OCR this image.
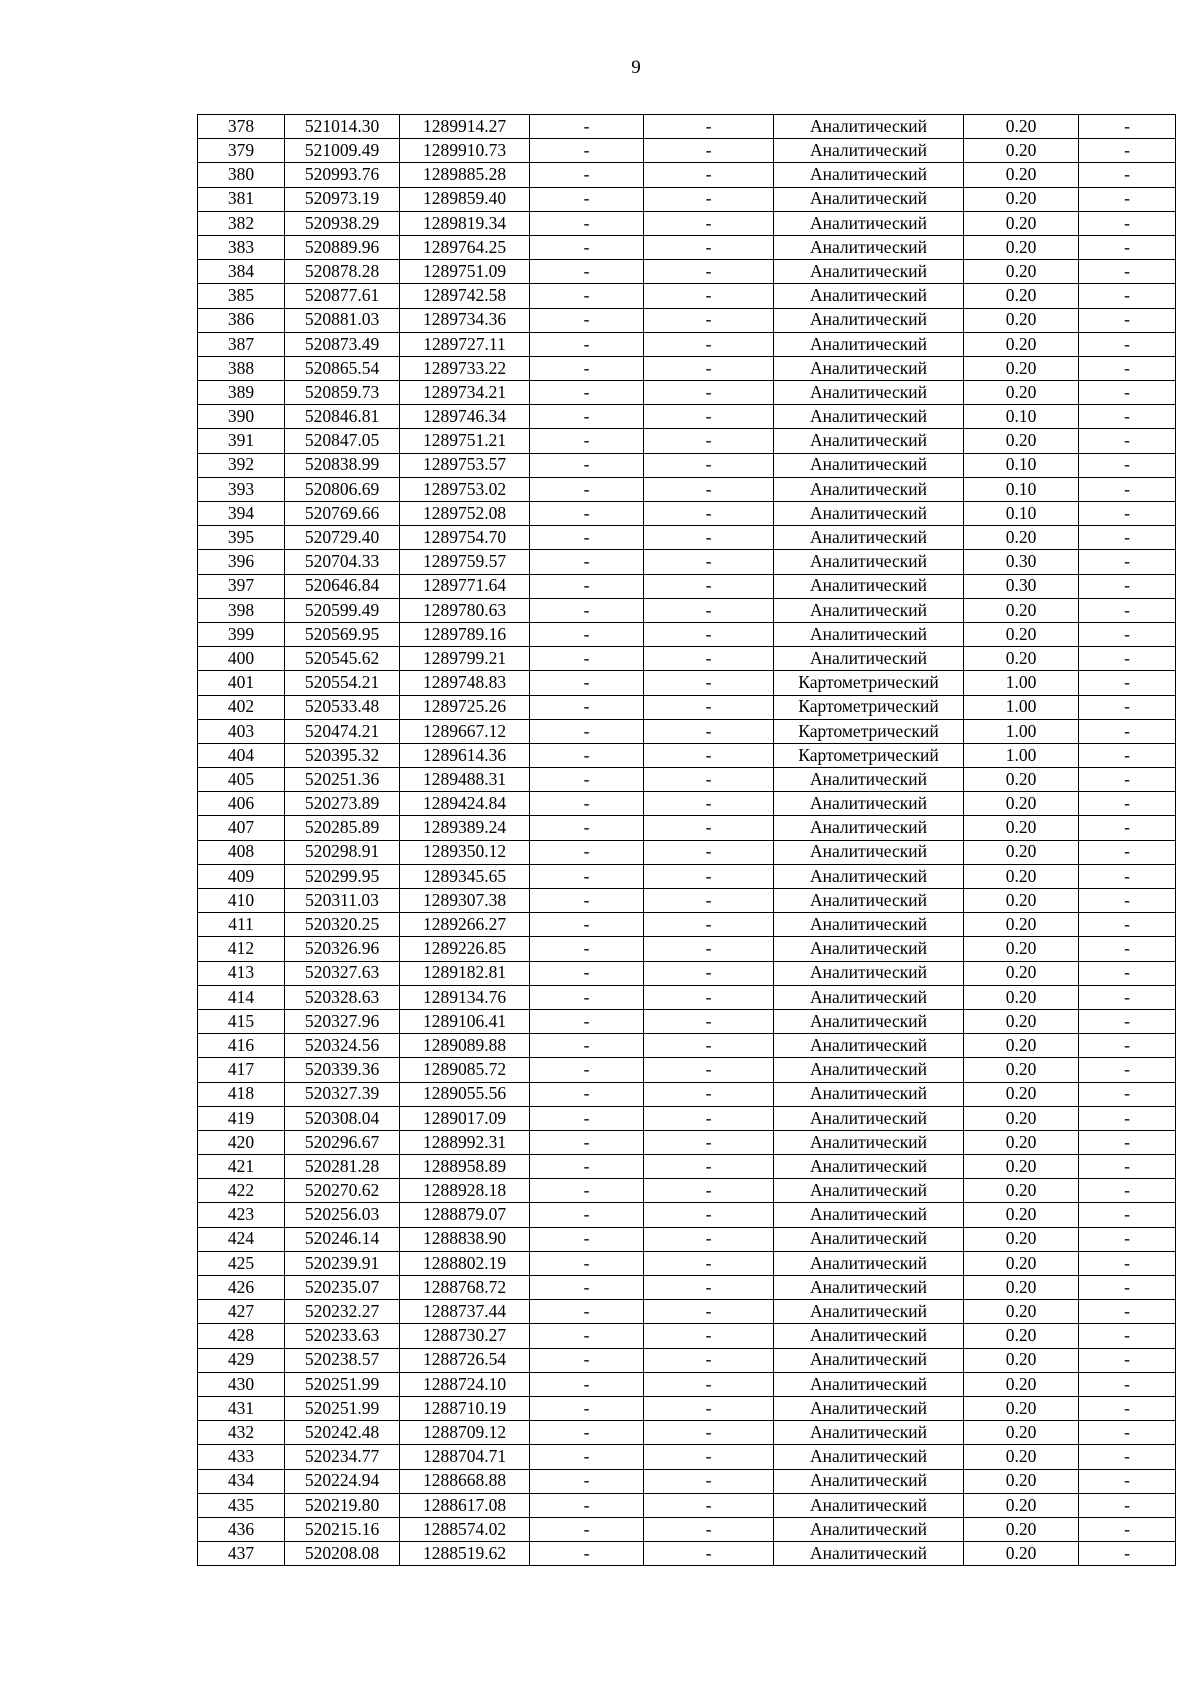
9
378	521014.30	1289914.27	-	-	Аналитический	0.20	-
379	521009.49	1289910.73	-	-	Аналитический	0.20	-
380	520993.76	1289885.28	-	-	Аналитический	0.20	-
381	520973.19	1289859.40	-	-	Аналитический	0.20	-
382	520938.29	1289819.34	-	-	Аналитический	0.20	-
383	520889.96	1289764.25	-	-	Аналитический	0.20	-
384	520878.28	1289751.09	-	-	Аналитический	0.20	-
385	520877.61	1289742.58	-	-	Аналитический	0.20	-
386	520881.03	1289734.36	-	-	Аналитический	0.20	-
387	520873.49	1289727.11	-	-	Аналитический	0.20	-
388	520865.54	1289733.22	-	-	Аналитический	0.20	-
389	520859.73	1289734.21	-	-	Аналитический	0.20	-
390	520846.81	1289746.34	-	-	Аналитический	0.10	-
391	520847.05	1289751.21	-	-	Аналитический	0.20	-
392	520838.99	1289753.57	-	-	Аналитический	0.10	-
393	520806.69	1289753.02	-	-	Аналитический	0.10	-
394	520769.66	1289752.08	-	-	Аналитический	0.10	-
395	520729.40	1289754.70	-	-	Аналитический	0.20	-
396	520704.33	1289759.57	-	-	Аналитический	0.30	-
397	520646.84	1289771.64	-	-	Аналитический	0.30	-
398	520599.49	1289780.63	-	-	Аналитический	0.20	-
399	520569.95	1289789.16	-	-	Аналитический	0.20	-
400	520545.62	1289799.21	-	-	Аналитический	0.20	-
401	520554.21	1289748.83	-	-	Картометрический	1.00	-
402	520533.48	1289725.26	-	-	Картометрический	1.00	-
403	520474.21	1289667.12	-	-	Картометрический	1.00	-
404	520395.32	1289614.36	-	-	Картометрический	1.00	-
405	520251.36	1289488.31	-	-	Аналитический	0.20	-
406	520273.89	1289424.84	-	-	Аналитический	0.20	-
407	520285.89	1289389.24	-	-	Аналитический	0.20	-
408	520298.91	1289350.12	-	-	Аналитический	0.20	-
409	520299.95	1289345.65	-	-	Аналитический	0.20	-
410	520311.03	1289307.38	-	-	Аналитический	0.20	-
411	520320.25	1289266.27	-	-	Аналитический	0.20	-
412	520326.96	1289226.85	-	-	Аналитический	0.20	-
413	520327.63	1289182.81	-	-	Аналитический	0.20	-
414	520328.63	1289134.76	-	-	Аналитический	0.20	-
415	520327.96	1289106.41	-	-	Аналитический	0.20	-
416	520324.56	1289089.88	-	-	Аналитический	0.20	-
417	520339.36	1289085.72	-	-	Аналитический	0.20	-
418	520327.39	1289055.56	-	-	Аналитический	0.20	-
419	520308.04	1289017.09	-	-	Аналитический	0.20	-
420	520296.67	1288992.31	-	-	Аналитический	0.20	-
421	520281.28	1288958.89	-	-	Аналитический	0.20	-
422	520270.62	1288928.18	-	-	Аналитический	0.20	-
423	520256.03	1288879.07	-	-	Аналитический	0.20	-
424	520246.14	1288838.90	-	-	Аналитический	0.20	-
425	520239.91	1288802.19	-	-	Аналитический	0.20	-
426	520235.07	1288768.72	-	-	Аналитический	0.20	-
427	520232.27	1288737.44	-	-	Аналитический	0.20	-
428	520233.63	1288730.27	-	-	Аналитический	0.20	-
429	520238.57	1288726.54	-	-	Аналитический	0.20	-
430	520251.99	1288724.10	-	-	Аналитический	0.20	-
431	520251.99	1288710.19	-	-	Аналитический	0.20	-
432	520242.48	1288709.12	-	-	Аналитический	0.20	-
433	520234.77	1288704.71	-	-	Аналитический	0.20	-
434	520224.94	1288668.88	-	-	Аналитический	0.20	-
435	520219.80	1288617.08	-	-	Аналитический	0.20	-
436	520215.16	1288574.02	-	-	Аналитический	0.20	-
437	520208.08	1288519.62	-	-	Аналитический	0.20	-
